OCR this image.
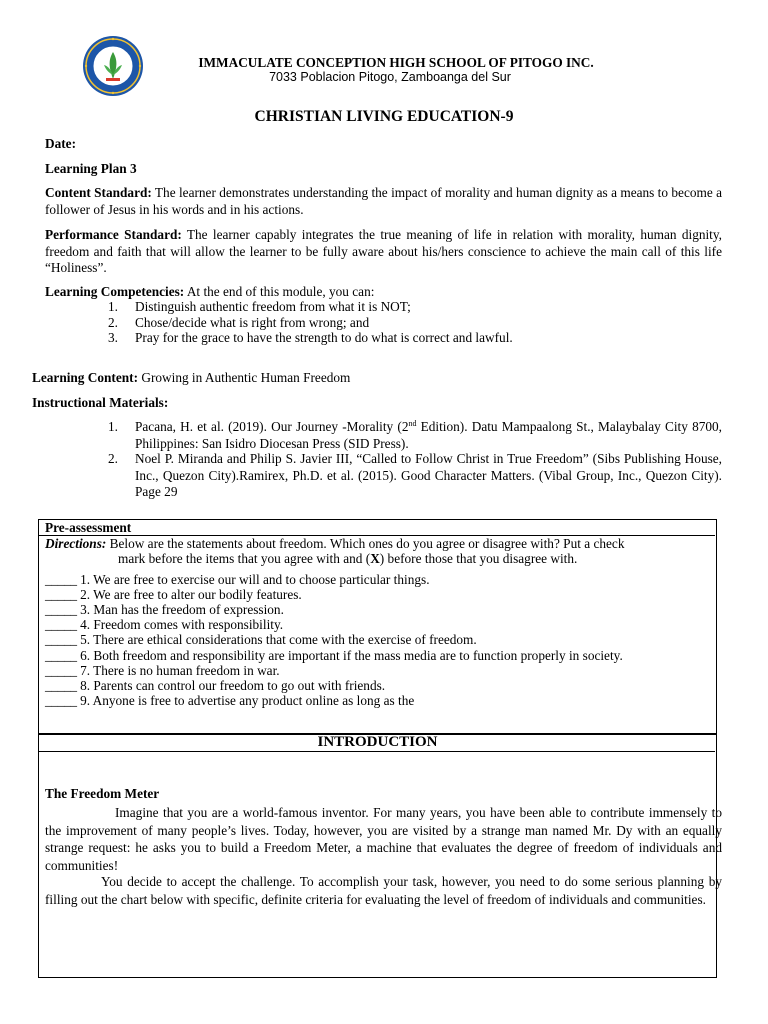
IMMACULATE CONCEPTION HIGH SCHOOL OF PITOGO INC.
7033 Poblacion Pitogo, Zamboanga del Sur
CHRISTIAN LIVING EDUCATION-9
Date:
Learning Plan 3
Content Standard: The learner demonstrates understanding the impact of morality and human dignity as a means to become a follower of Jesus in his words and in his actions.
Performance Standard: The learner capably integrates the true meaning of life in relation with morality, human dignity, freedom and faith that will allow the learner to be fully aware about his/hers conscience to achieve the main call of this life “Holiness”.
Learning Competencies: At the end of this module, you can:
1.	Distinguish authentic freedom from what it is NOT;
2.	Chose/decide what is right from wrong; and
3.	Pray for the grace to have the strength to do what is correct and lawful.
Learning Content: Growing in Authentic Human Freedom
Instructional Materials:
1.	Pacana, H. et al. (2019). Our Journey -Morality (2nd Edition). Datu Mampaalong St., Malaybalay City 8700, Philippines: San Isidro Diocesan Press (SID Press).
2.	Noel P. Miranda and Philip S. Javier III, “Called to Follow Christ in True Freedom” (Sibs Publishing House, Inc., Quezon City).Ramirex, Ph.D. et al. (2015). Good Character Matters. (Vibal Group, Inc., Quezon City). Page 29
Pre-assessment
Directions: Below are the statements about freedom. Which ones do you agree or disagree with? Put a check
mark before the items that you agree with and (X) before those that you disagree with.
_____ 1. We are free to exercise our will and to choose particular things.
_____ 2. We are free to alter our bodily features.
_____ 3. Man has the freedom of expression.
_____ 4. Freedom comes with responsibility.
_____ 5. There are ethical considerations that come with the exercise of freedom.
_____ 6. Both freedom and responsibility are important if the mass media are to function properly in society.
_____ 7. There is no human freedom in war.
_____ 8. Parents can control our freedom to go out with friends.
_____ 9. Anyone is free to advertise any product online as long as the
INTRODUCTION
The Freedom Meter
Imagine that you are a world-famous inventor. For many years, you have been able to contribute immensely to the improvement of many people’s lives. Today, however, you are visited by a strange man named Mr. Dy with an equally strange request: he asks you to build a Freedom Meter, a machine that evaluates the degree of freedom of individuals and communities!
You decide to accept the challenge. To accomplish your task, however, you need to do some serious planning by filling out the chart below with specific, definite criteria for evaluating the level of freedom of individuals and communities.
